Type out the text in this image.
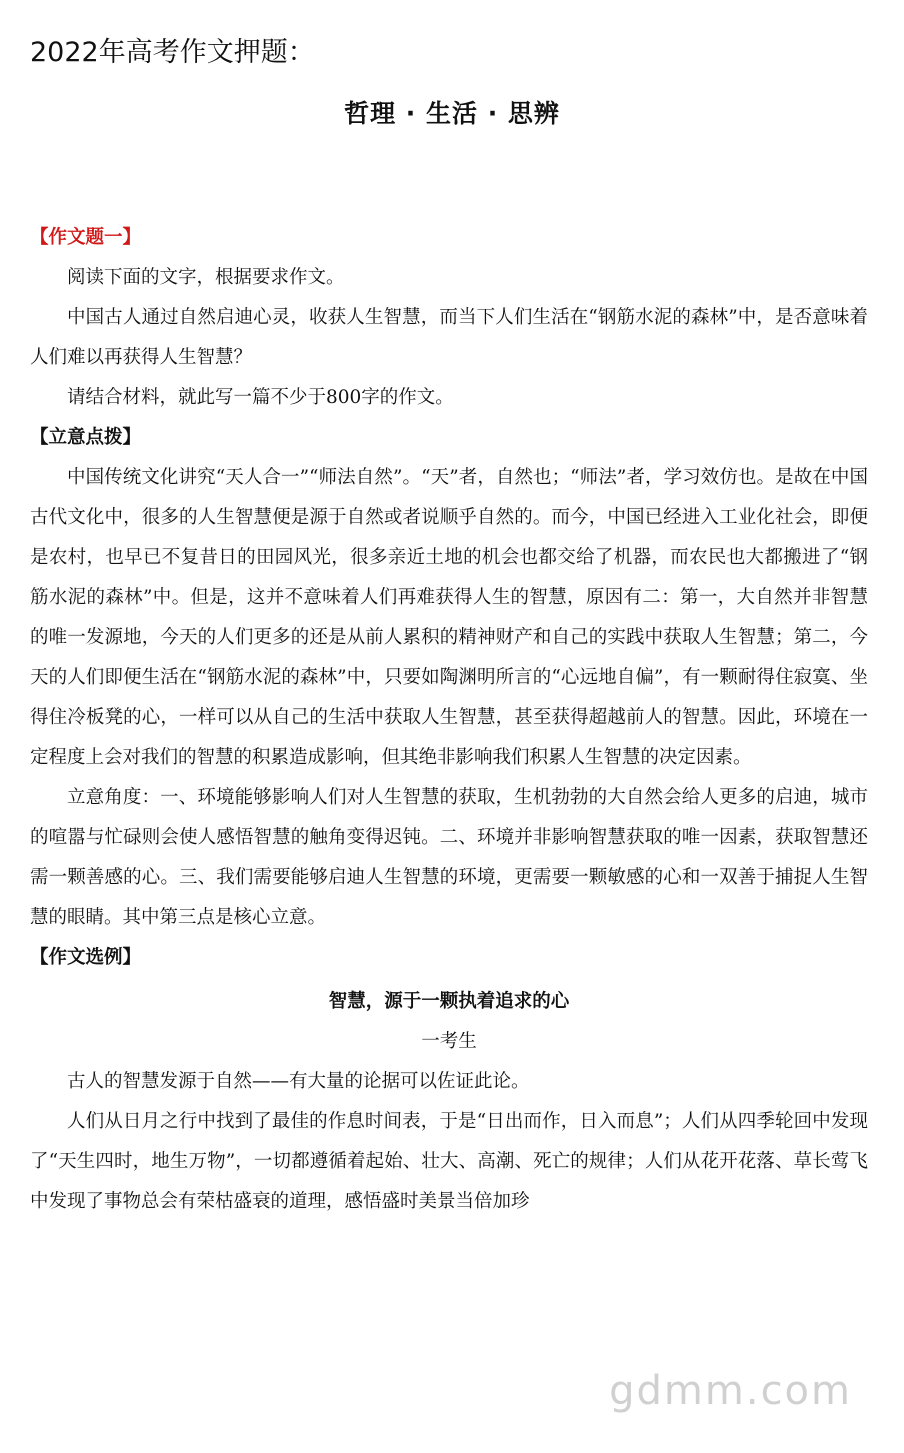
2022年高考作文押题：
哲理 · 生活 · 思辨

【作文题一】

阅读下面的文字，根据要求作文。

中国古人通过自然启迪心灵，收获人生智慧，而当下人们生活在“钢筋水泥的森林”中，是否意味着人们难以再获得人生智慧？

请结合材料，就此写一篇不少于800字的作文。

【立意点拨】

中国传统文化讲究“天人合一”“师法自然”。“天”者，自然也；“师法”者，学习效仿也。是故在中国古代文化中，很多的人生智慧便是源于自然或者说顺乎自然的。而今，中国已经进入工业化社会，即便是农村，也早已不复昔日的田园风光，很多亲近土地的机会也都交给了机器，而农民也大都搬进了“钢筋水泥的森林”中。但是，这并不意味着人们再难获得人生的智慧，原因有二：第一，大自然并非智慧的唯一发源地，今天的人们更多的还是从前人累积的精神财产和自己的实践中获取人生智慧；第二，今天的人们即便生活在“钢筋水泥的森林”中，只要如陶渊明所言的“心远地自偏”，有一颗耐得住寂寞、坐得住冷板凳的心，一样可以从自己的生活中获取人生智慧，甚至获得超越前人的智慧。因此，环境在一定程度上会对我们的智慧的积累造成影响，但其绝非影响我们积累人生智慧的决定因素。

立意角度：一、环境能够影响人们对人生智慧的获取，生机勃勃的大自然会给人更多的启迪，城市的喧嚣与忙碌则会使人感悟智慧的触角变得迟钝。二、环境并非影响智慧获取的唯一因素，获取智慧还需一颗善感的心。三、我们需要能够启迪人生智慧的环境，更需要一颗敏感的心和一双善于捕捉人生智慧的眼睛。其中第三点是核心立意。

【作文选例】

智慧，源于一颗执着追求的心

一考生

古人的智慧发源于自然——有大量的论据可以佐证此论。

人们从日月之行中找到了最佳的作息时间表，于是“日出而作，日入而息”；人们从四季轮回中发现了“天生四时，地生万物”，一切都遵循着起始、壮大、高潮、死亡的规律；人们从花开花落、草长莺飞中发现了事物总会有荣枯盛衰的道理，感悟盛时美景当倍加珍

gdmm.com
